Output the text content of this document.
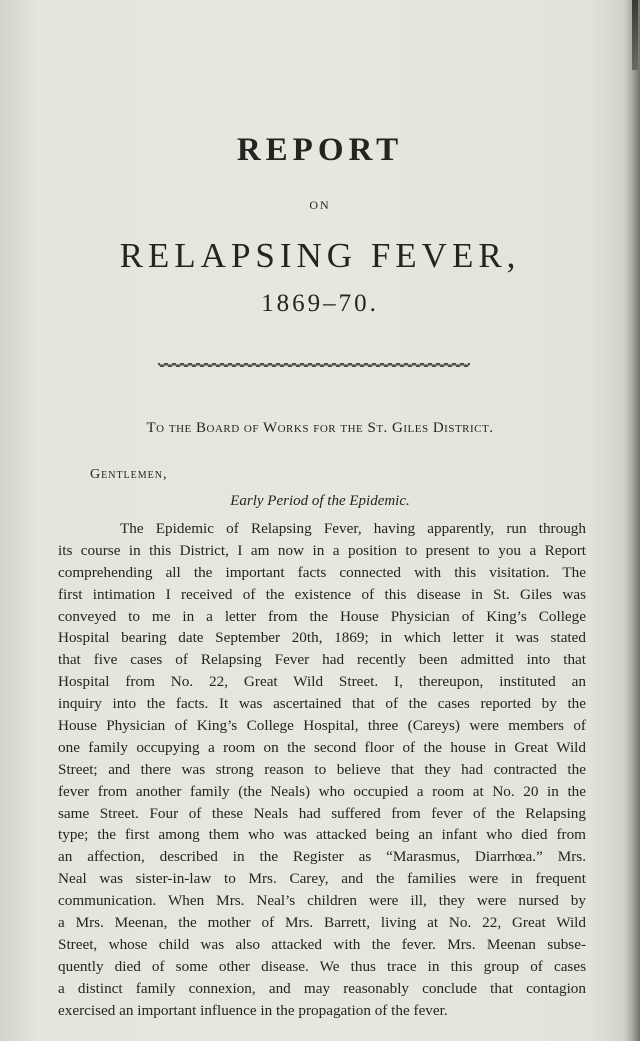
REPORT
ON
RELAPSING FEVER,
1869–70.
To the Board of Works for the St. Giles District.
Gentlemen,
Early Period of the Epidemic.
The Epidemic of Relapsing Fever, having apparently, run through
its course in this District, I am now in a position to present to you a Report
comprehending all the important facts connected with this visitation. The
first intimation I received of the existence of this disease in St. Giles was
conveyed to me in a letter from the House Physician of King’s College
Hospital bearing date September 20th, 1869; in which letter it was stated
that five cases of Relapsing Fever had recently been admitted into that
Hospital from No. 22, Great Wild Street. I, thereupon, instituted an
inquiry into the facts. It was ascertained that of the cases reported by the
House Physician of King’s College Hospital, three (Careys) were members of
one family occupying a room on the second floor of the house in Great Wild
Street; and there was strong reason to believe that they had contracted the
fever from another family (the Neals) who occupied a room at No. 20 in the
same Street. Four of these Neals had suffered from fever of the Relapsing
type; the first among them who was attacked being an infant who died from
an affection, described in the Register as “Marasmus, Diarrhœa.” Mrs.
Neal was sister-in-law to Mrs. Carey, and the families were in frequent
communication. When Mrs. Neal’s children were ill, they were nursed by
a Mrs. Meenan, the mother of Mrs. Barrett, living at No. 22, Great Wild
Street, whose child was also attacked with the fever. Mrs. Meenan subse-
quently died of some other disease. We thus trace in this group of cases
a distinct family connexion, and may reasonably conclude that contagion
exercised an important influence in the propagation of the fever.
